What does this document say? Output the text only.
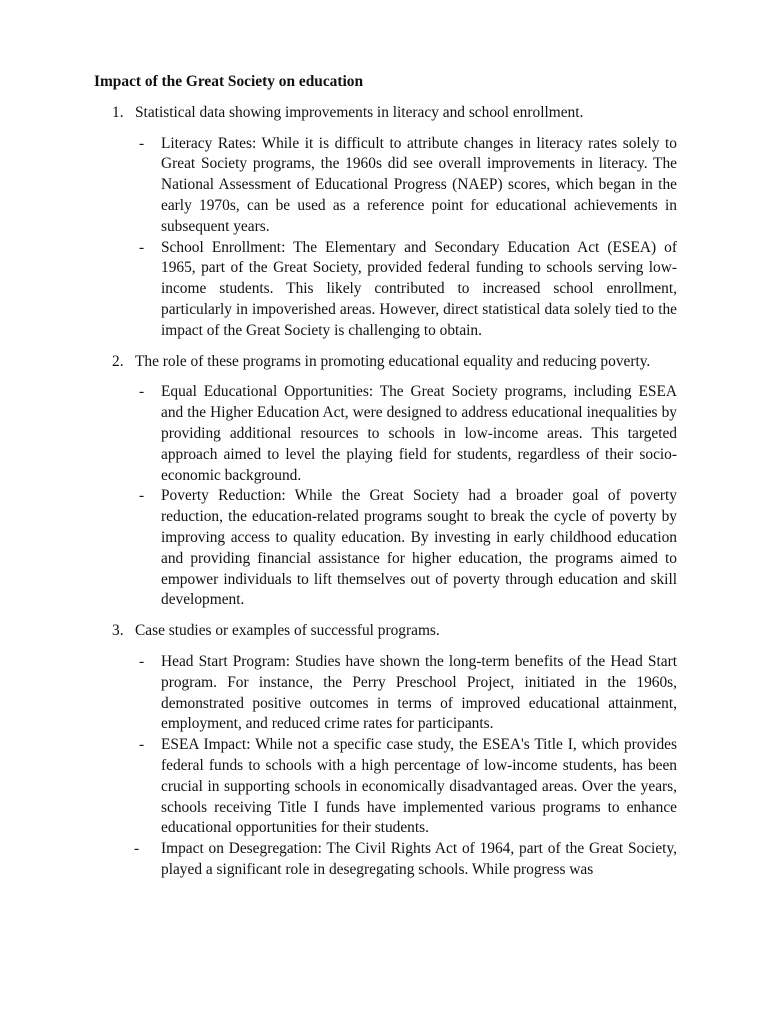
Impact of the Great Society on education
1. Statistical data showing improvements in literacy and school enrollment.
- Literacy Rates: While it is difficult to attribute changes in literacy rates solely to Great Society programs, the 1960s did see overall improvements in literacy. The National Assessment of Educational Progress (NAEP) scores, which began in the early 1970s, can be used as a reference point for educational achievements in subsequent years.
- School Enrollment: The Elementary and Secondary Education Act (ESEA) of 1965, part of the Great Society, provided federal funding to schools serving low-income students. This likely contributed to increased school enrollment, particularly in impoverished areas. However, direct statistical data solely tied to the impact of the Great Society is challenging to obtain.
2. The role of these programs in promoting educational equality and reducing poverty.
- Equal Educational Opportunities: The Great Society programs, including ESEA and the Higher Education Act, were designed to address educational inequalities by providing additional resources to schools in low-income areas. This targeted approach aimed to level the playing field for students, regardless of their socio-economic background.
- Poverty Reduction: While the Great Society had a broader goal of poverty reduction, the education-related programs sought to break the cycle of poverty by improving access to quality education. By investing in early childhood education and providing financial assistance for higher education, the programs aimed to empower individuals to lift themselves out of poverty through education and skill development.
3. Case studies or examples of successful programs.
- Head Start Program: Studies have shown the long-term benefits of the Head Start program. For instance, the Perry Preschool Project, initiated in the 1960s, demonstrated positive outcomes in terms of improved educational attainment, employment, and reduced crime rates for participants.
- ESEA Impact: While not a specific case study, the ESEA's Title I, which provides federal funds to schools with a high percentage of low-income students, has been crucial in supporting schools in economically disadvantaged areas. Over the years, schools receiving Title I funds have implemented various programs to enhance educational opportunities for their students.
- Impact on Desegregation: The Civil Rights Act of 1964, part of the Great Society, played a significant role in desegregating schools. While progress was
